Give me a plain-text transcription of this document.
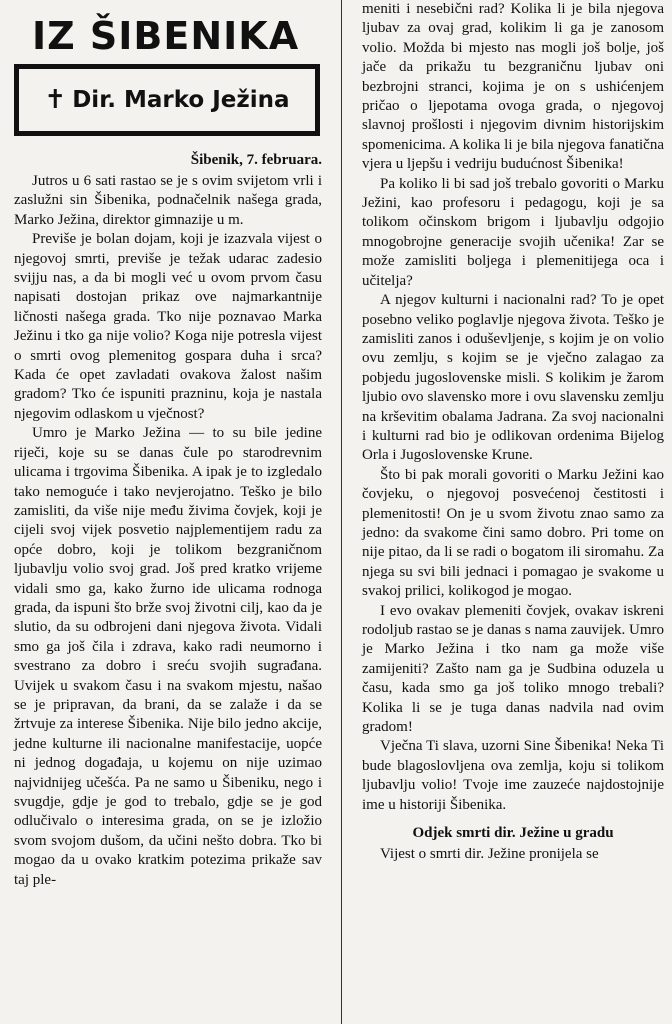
IZ ŠIBENIKA
✝ Dir. Marko Ježina
Šibenik, 7. februara.

Jutros u 6 sati rastao se je s ovim svijetom vrli i zaslužni sin Šibenika, podnačelnik našega grada, Marko Ježina, direktor gimnazije u m.

Previše je bolan dojam, koji je izazvala vijest o njegovoj smrti, previše je težak udarac zadesio svijju nas, a da bi mogli već u ovom prvom času napisati dostojan prikaz ove najmarkantnije ličnosti našega grada. Tko nije poznavao Marka Ježinu i tko ga nije volio? Koga nije potresla vijest o smrti ovog plemenitog gospara duha i srca? Kada će opet zavladati ovakova žalost našim gradom? Tko će ispuniti prazninu, koja je nastala njegovim odlaskom u vječnost?

Umro je Marko Ježina — to su bile jedine riječi, koje su se danas čule po starodrevnim ulicama i trgovima Šibenika. A ipak je to izgledalo tako nemoguće i tako nevjerojatno. Teško je bilo zamisliti, da više nije među živima čovjek, koji je cijeli svoj vijek posvetio najplementijem radu za opće dobro, koji je tolikom bezgraničnom ljubavlju volio svoj grad. Još pred kratko vrijeme vidali smo ga, kako žurno ide ulicama rodnoga grada, da ispuni što brže svoj životni cilj, kao da je slutio, da su odbrojeni dani njegova života. Vidali smo ga još čila i zdrava, kako radi neumorno i svestrano za dobro i sreću svojih sugrađana. Uvijek u svakom času i na svakom mjestu, našao se je pripravan, da brani, da se zalaže i da se žrtvuje za interese Šibenika. Nije bilo jedno akcije, jedne kulturne ili nacionalne manifestacije, uopće ni jednog događaja, u kojemu on nije uzimao najvidnijeg učešća. Pa ne samo u Šibeniku, nego i svugdje, gdje je god to trebalo, gdje se je god odlučivalo o interesima grada, on se je izložio svom svojom dušom, da učini nešto dobra. Tko bi mogao da u ovako kratkim potezima prikaže sav taj ple-

meniti i nesebični rad? Kolika li je bila njegova ljubav za ovaj grad, kolikim li ga je zanosom volio. Možda bi mjesto nas mogli još bolje, još jače da prikažu tu bezgraničnu ljubav oni bezbrojni stranci, kojima je on s ushićenjem pričao o ljepotama ovoga grada, o njegovoj slavnoj prošlosti i njegovim divnim historijskim spomenicima. A kolika li je bila njegova fanatična vjera u ljepšu i vedriju budućnost Šibenika!

Pa koliko li bi sad još trebalo govoriti o Marku Ježini, kao profesoru i pedagogu, koji je sa tolikom očinskom brigom i ljubavlju odgojio mnogobrojne generacije svojih učenika! Zar se može zamisliti boljega i plemenitijega oca i učitelja?

A njegov kulturni i nacionalni rad? To je opet posebno veliko poglavlje njegova života. Teško je zamisliti zanos i oduševljenje, s kojim je on volio ovu zemlju, s kojim se je vječno zalagao za pobjedu jugoslovenske misli. S kolikim je žarom ljubio ovo slavensko more i ovu slavensku zemlju na krševitim obalama Jadrana. Za svoj nacionalni i kulturni rad bio je odlikovan ordenima Bijelog Orla i Jugoslovenske Krune.

Što bi pak morali govoriti o Marku Ježini kao čovjeku, o njegovoj posvećenoj čestitosti i plemenitosti! On je u svom životu znao samo za jedno: da svakome čini samo dobro. Pri tome on nije pitao, da li se radi o bogatom ili siromahu. Za njega su svi bili jednaci i pomagao je svakome u svakoj prilici, kolikogod je mogao.

I evo ovakav plemeniti čovjek, ovakav iskreni rodoljub rastao se je danas s nama zauvijek. Umro je Marko Ježina i tko nam ga može više zamijeniti? Zašto nam ga je Sudbina oduzela u času, kada smo ga još toliko mnogo trebali? Kolika li se je tuga danas nadvila nad ovim gradom!

Vječna Ti slava, uzorni Sine Šibenika! Neka Ti bude blagoslovljena ova zemlja, koju si tolikom ljubavlju volio! Tvoje ime zauzeće najdostojnije ime u historiji Šibenika.

Odjek smrti dir. Ježine u gradu

Vijest o smrti dir. Ježine pronijela se
